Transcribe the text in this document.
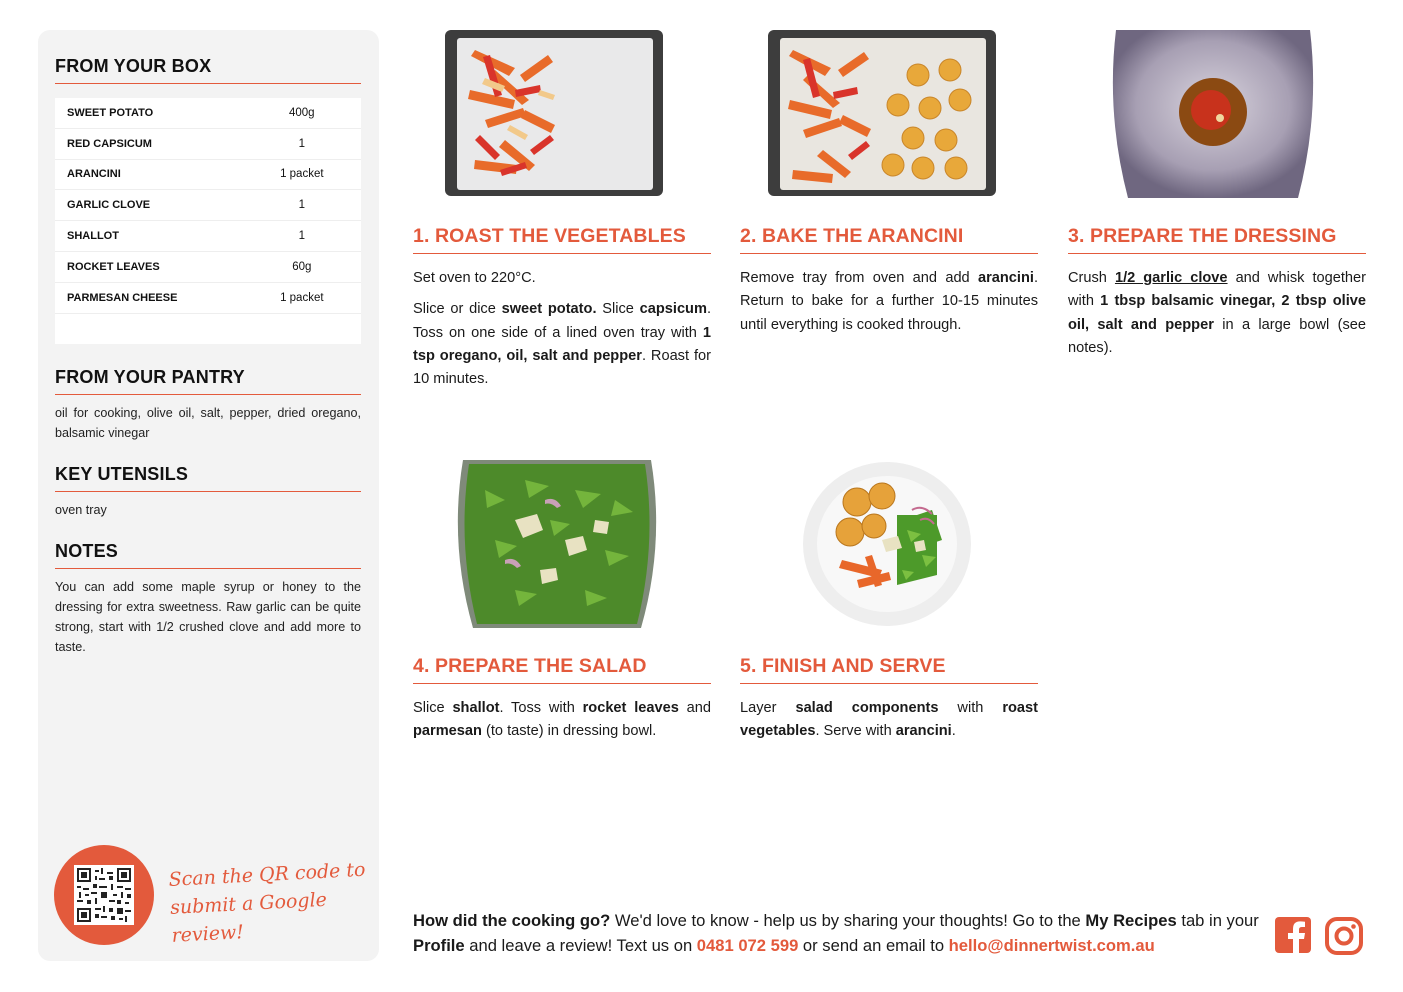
FROM YOUR BOX
SWEET POTATO	400g
RED CAPSICUM	1
ARANCINI	1 packet
GARLIC CLOVE	1
SHALLOT	1
ROCKET LEAVES	60g
PARMESAN CHEESE	1 packet
FROM YOUR PANTRY
oil for cooking, olive oil, salt, pepper, dried oregano, balsamic vinegar
KEY UTENSILS
oven tray
NOTES
You can add some maple syrup or honey to the dressing for extra sweetness. Raw garlic can be quite strong, start with 1/2 crushed clove and add more to taste.
Scan the QR code to
submit a Google review!
1. ROAST THE VEGETABLES

Set oven to 220°C.

Slice or dice sweet potato. Slice capsicum. Toss on one side of a lined oven tray with 1 tsp oregano, oil, salt and pepper. Roast for 10 minutes.

2. BAKE THE ARANCINI

Remove tray from oven and add arancini. Return to bake for a further 10-15 minutes until everything is cooked through.

3. PREPARE THE DRESSING

Crush 1/2 garlic clove and whisk together with 1 tbsp balsamic vinegar, 2 tbsp olive oil, salt and pepper in a large bowl (see notes).

4. PREPARE THE SALAD

Slice shallot. Toss with rocket leaves and parmesan (to taste) in dressing bowl.

5. FINISH AND SERVE

Layer salad components with roast vegetables. Serve with arancini.

How did the cooking go? We'd love to know - help us by sharing your thoughts! Go to the My Recipes tab in your Profile and leave a review! Text us on 0481 072 599 or send an email to hello@dinnertwist.com.au
